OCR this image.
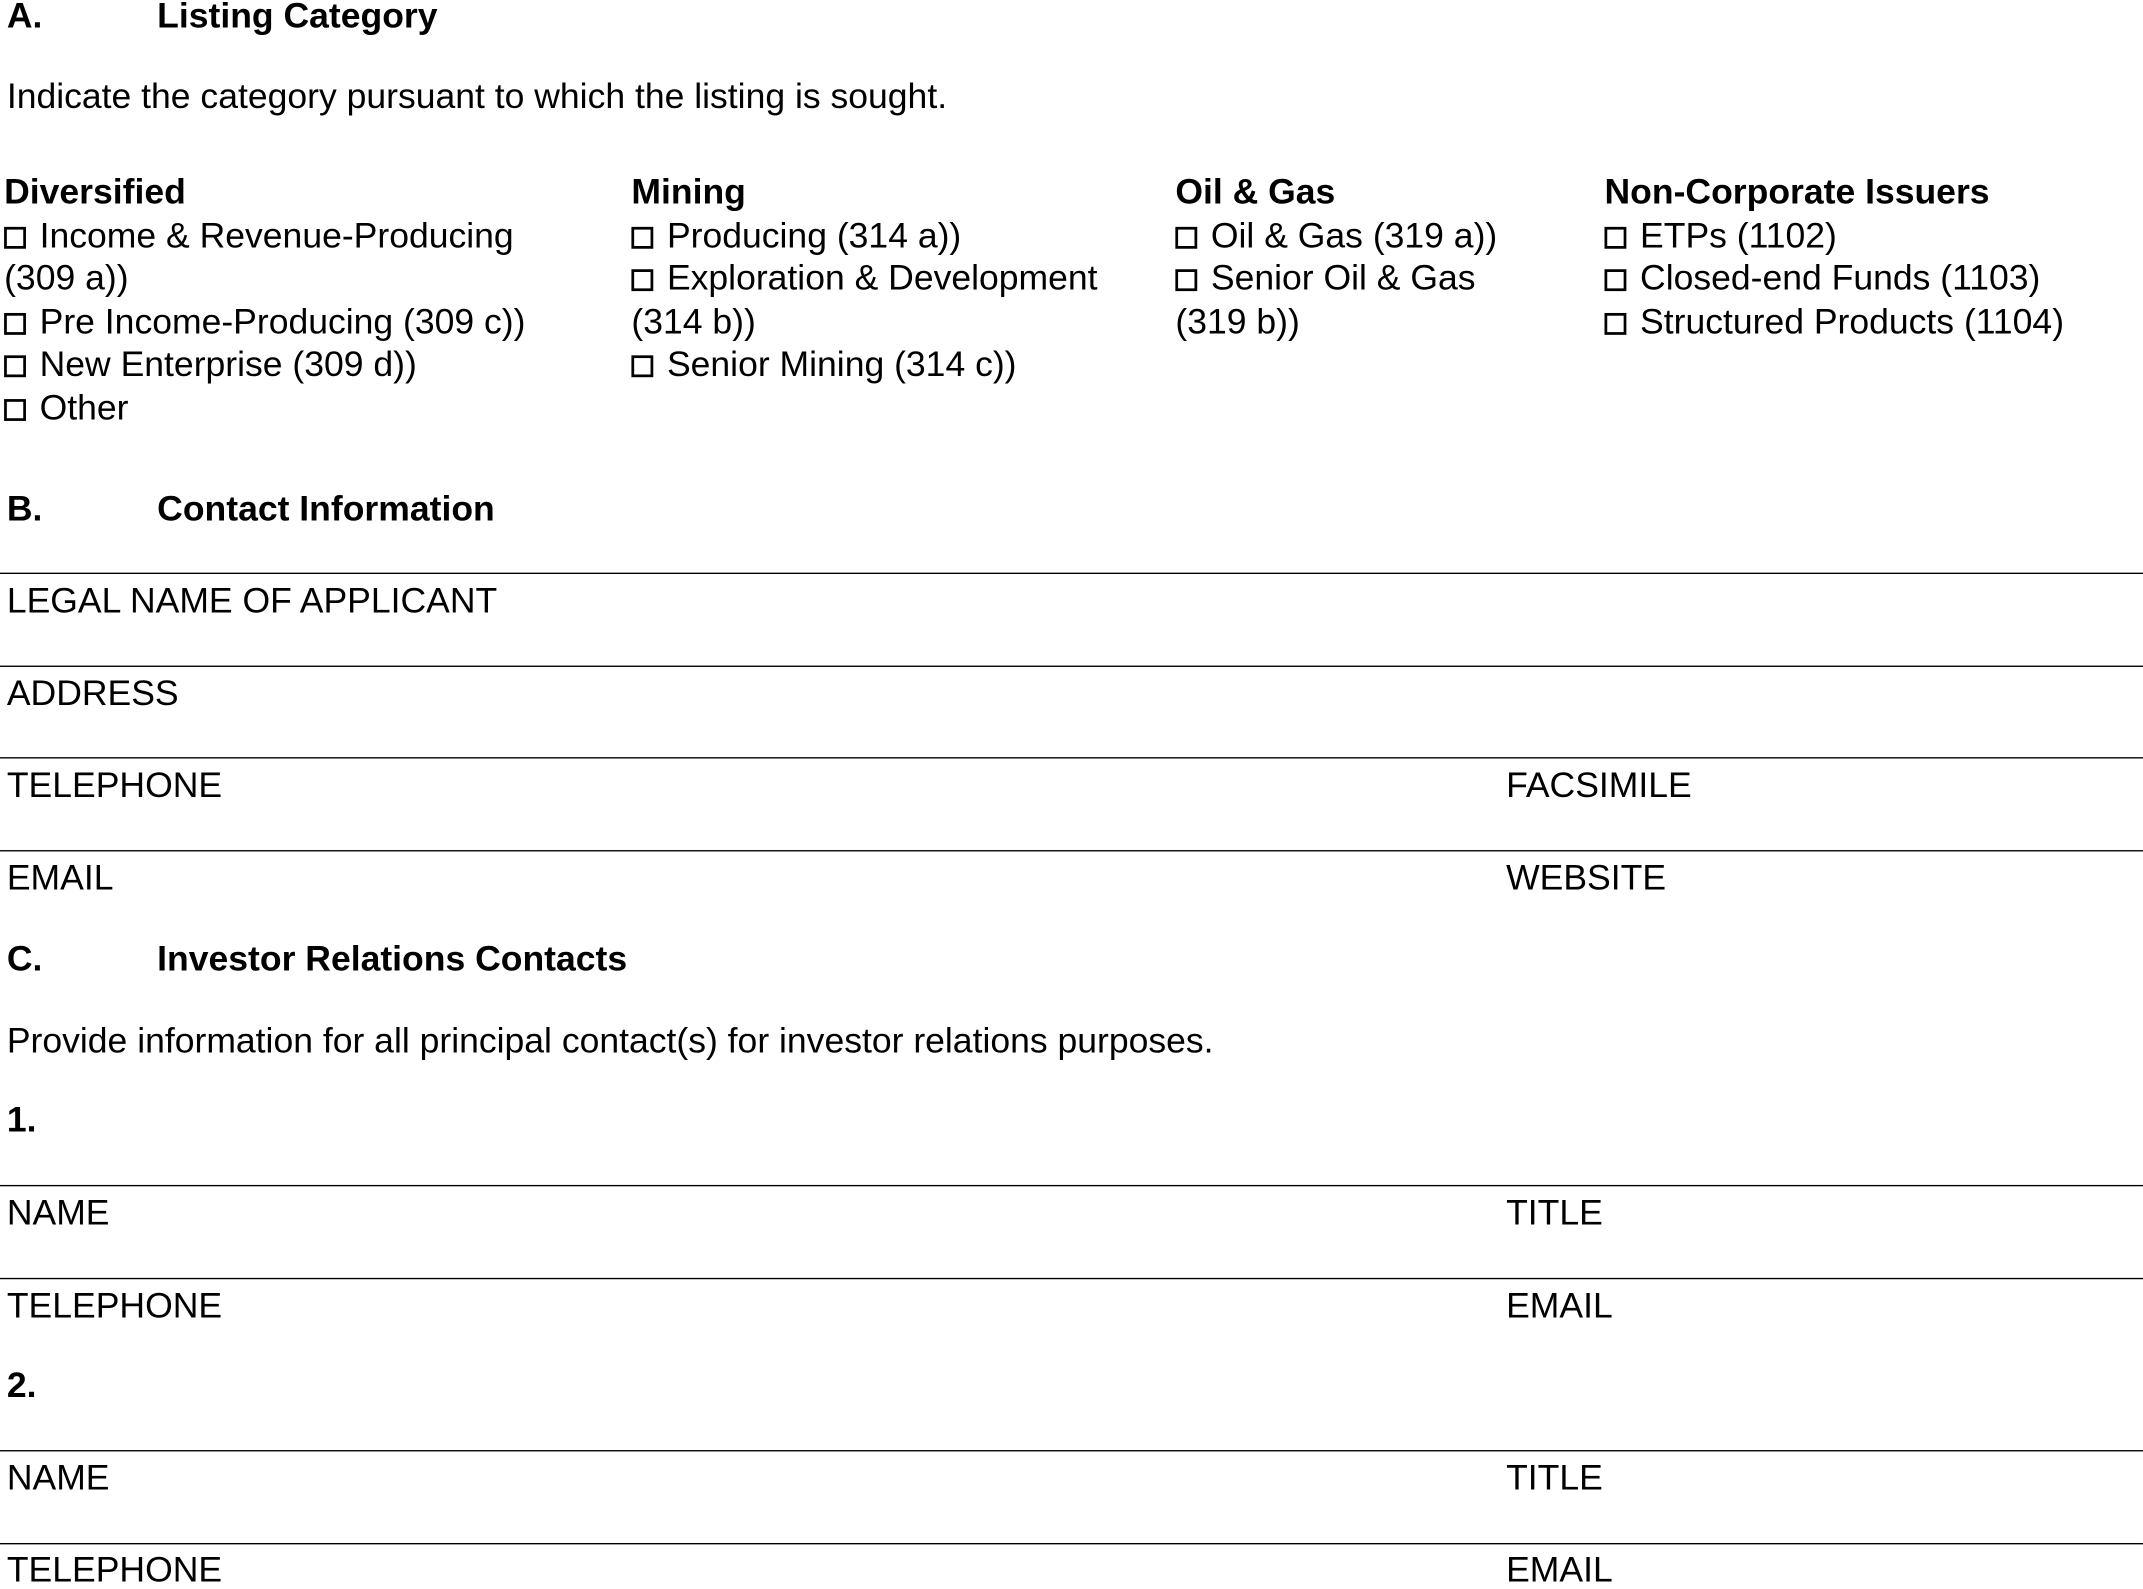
A.	Listing Category
Indicate the category pursuant to which the listing is sought.
Diversified
Income & Revenue-Producing (309 a))
Pre Income-Producing (309 c))
New Enterprise (309 d))
Other
Mining
Producing (314 a))
Exploration & Development (314 b))
Senior Mining (314 c))
Oil & Gas
Oil & Gas (319 a))
Senior Oil & Gas (319 b))
Non-Corporate Issuers
ETPs (1102)
Closed-end Funds (1103)
Structured Products (1104)
B.	Contact Information
LEGAL NAME OF APPLICANT
ADDRESS
TELEPHONE	FACSIMILE
EMAIL	WEBSITE
C.	Investor Relations Contacts
Provide information for all principal contact(s) for investor relations purposes.
1.
NAME	TITLE
TELEPHONE	EMAIL
2.
NAME	TITLE
TELEPHONE	EMAIL
